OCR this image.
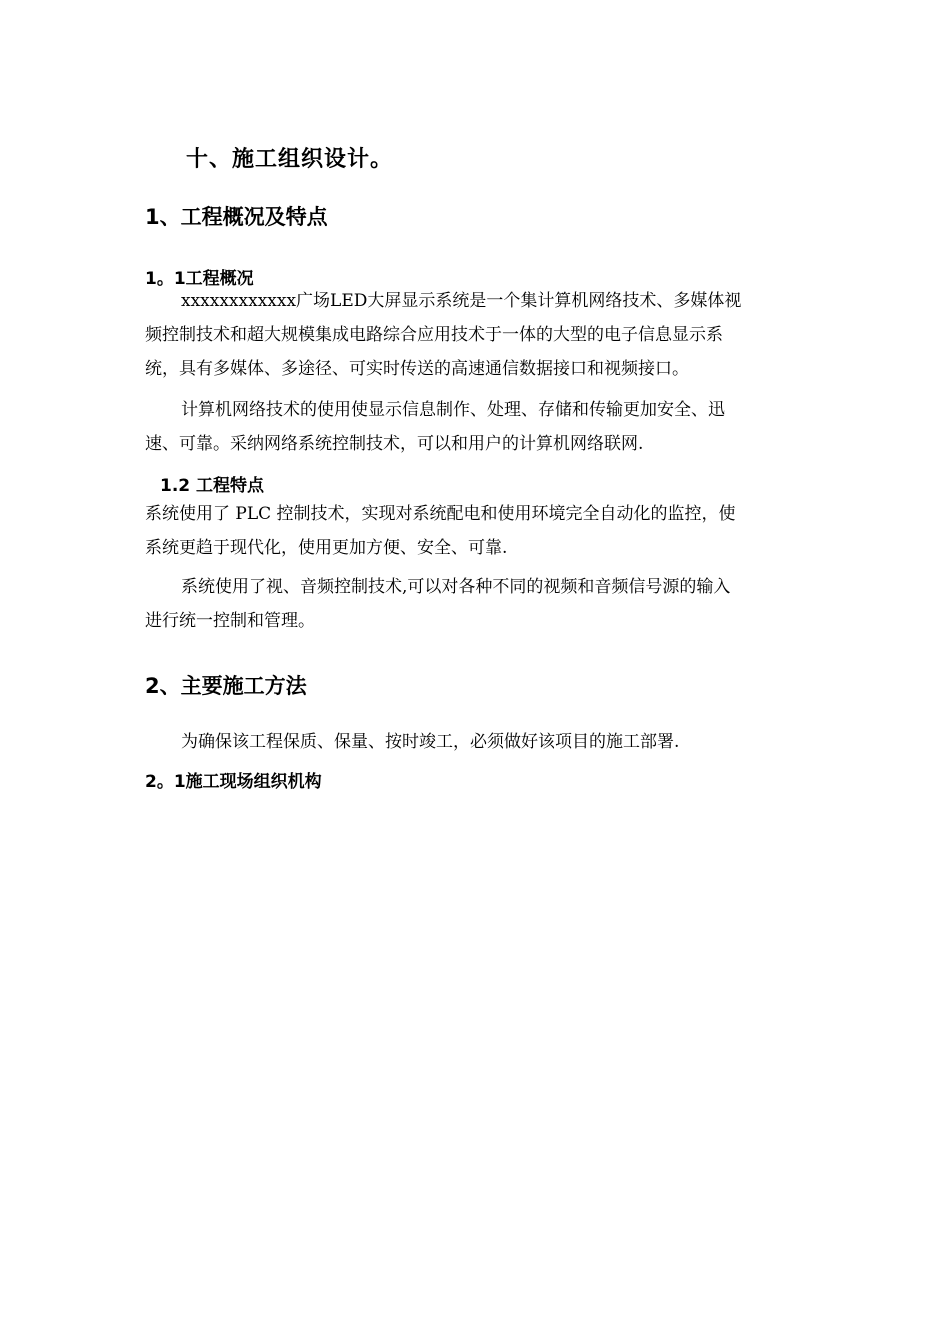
十、施工组织设计。
1、工程概况及特点
1。1工程概况
xxxxxxxxxxxx广场LED大屏显示系统是一个集计算机网络技术、多媒体视
频控制技术和超大规模集成电路综合应用技术于一体的大型的电子信息显示系
统，具有多媒体、多途径、可实时传送的高速通信数据接口和视频接口。
计算机网络技术的使用使显示信息制作、处理、存储和传输更加安全、迅
速、可靠。采纳网络系统控制技术，可以和用户的计算机网络联网.
1.2 工程特点
系统使用了 PLC 控制技术，实现对系统配电和使用环境完全自动化的监控，使
系统更趋于现代化，使用更加方便、安全、可靠.
系统使用了视、音频控制技术,可以对各种不同的视频和音频信号源的输入
进行统一控制和管理。
2、主要施工方法
为确保该工程保质、保量、按时竣工，必须做好该项目的施工部署.
2。1施工现场组织机构
